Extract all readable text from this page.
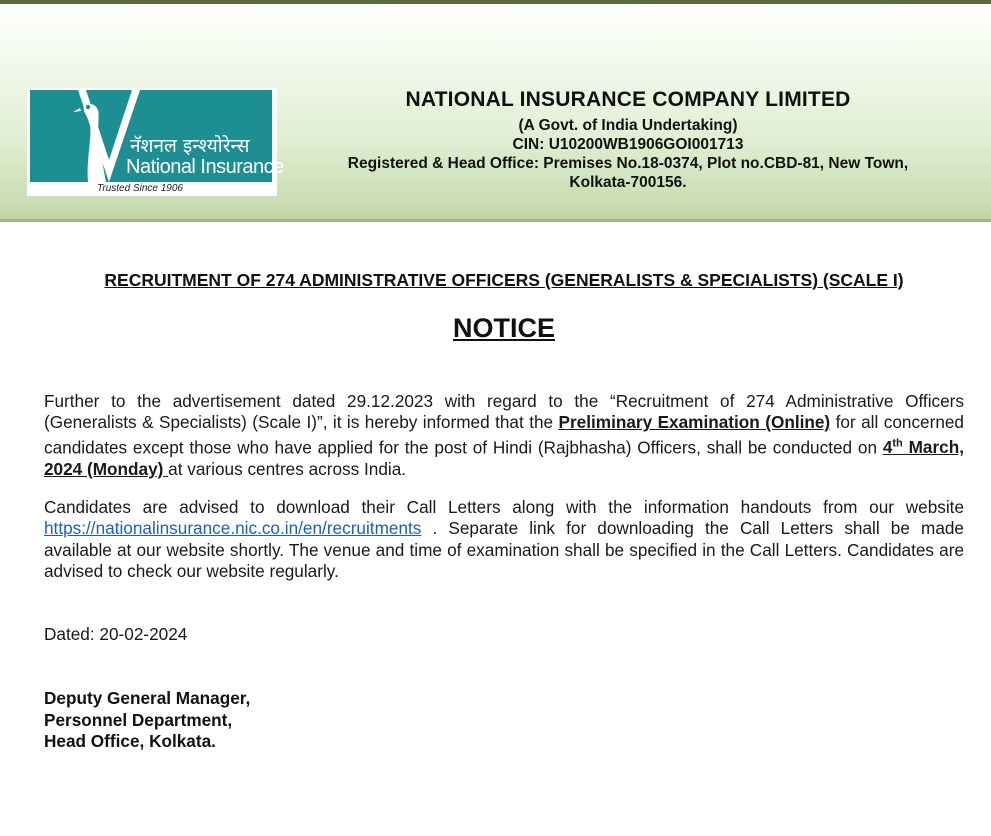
नॅशनल इन्श्योरेन्स
National Insurance
Trusted Since 1906
NATIONAL INSURANCE COMPANY LIMITED
(A Govt. of India Undertaking)
CIN: U10200WB1906GOI001713
Registered & Head Office: Premises No.18-0374, Plot no.CBD-81, New Town,
Kolkata-700156.
RECRUITMENT OF 274 ADMINISTRATIVE OFFICERS (GENERALISTS & SPECIALISTS) (SCALE I)
NOTICE
Further to the advertisement dated 29.12.2023 with regard to the “Recruitment of 274 Administrative Officers (Generalists & Specialists) (Scale I)”, it is hereby informed that the Preliminary Examination (Online) for all concerned candidates except those who have applied for the post of Hindi (Rajbhasha) Officers, shall be conducted on 4th March, 2024 (Monday) at various centres across India.
Candidates are advised to download their Call Letters along with the information handouts from our website
https://nationalinsurance.nic.co.in/en/recruitments . Separate link for downloading the Call Letters shall be made available at our website shortly. The venue and time of examination shall be specified in the Call Letters. Candidates are advised to check our website regularly.
Dated: 20-02-2024
Deputy General Manager,
Personnel Department,
Head Office, Kolkata.
